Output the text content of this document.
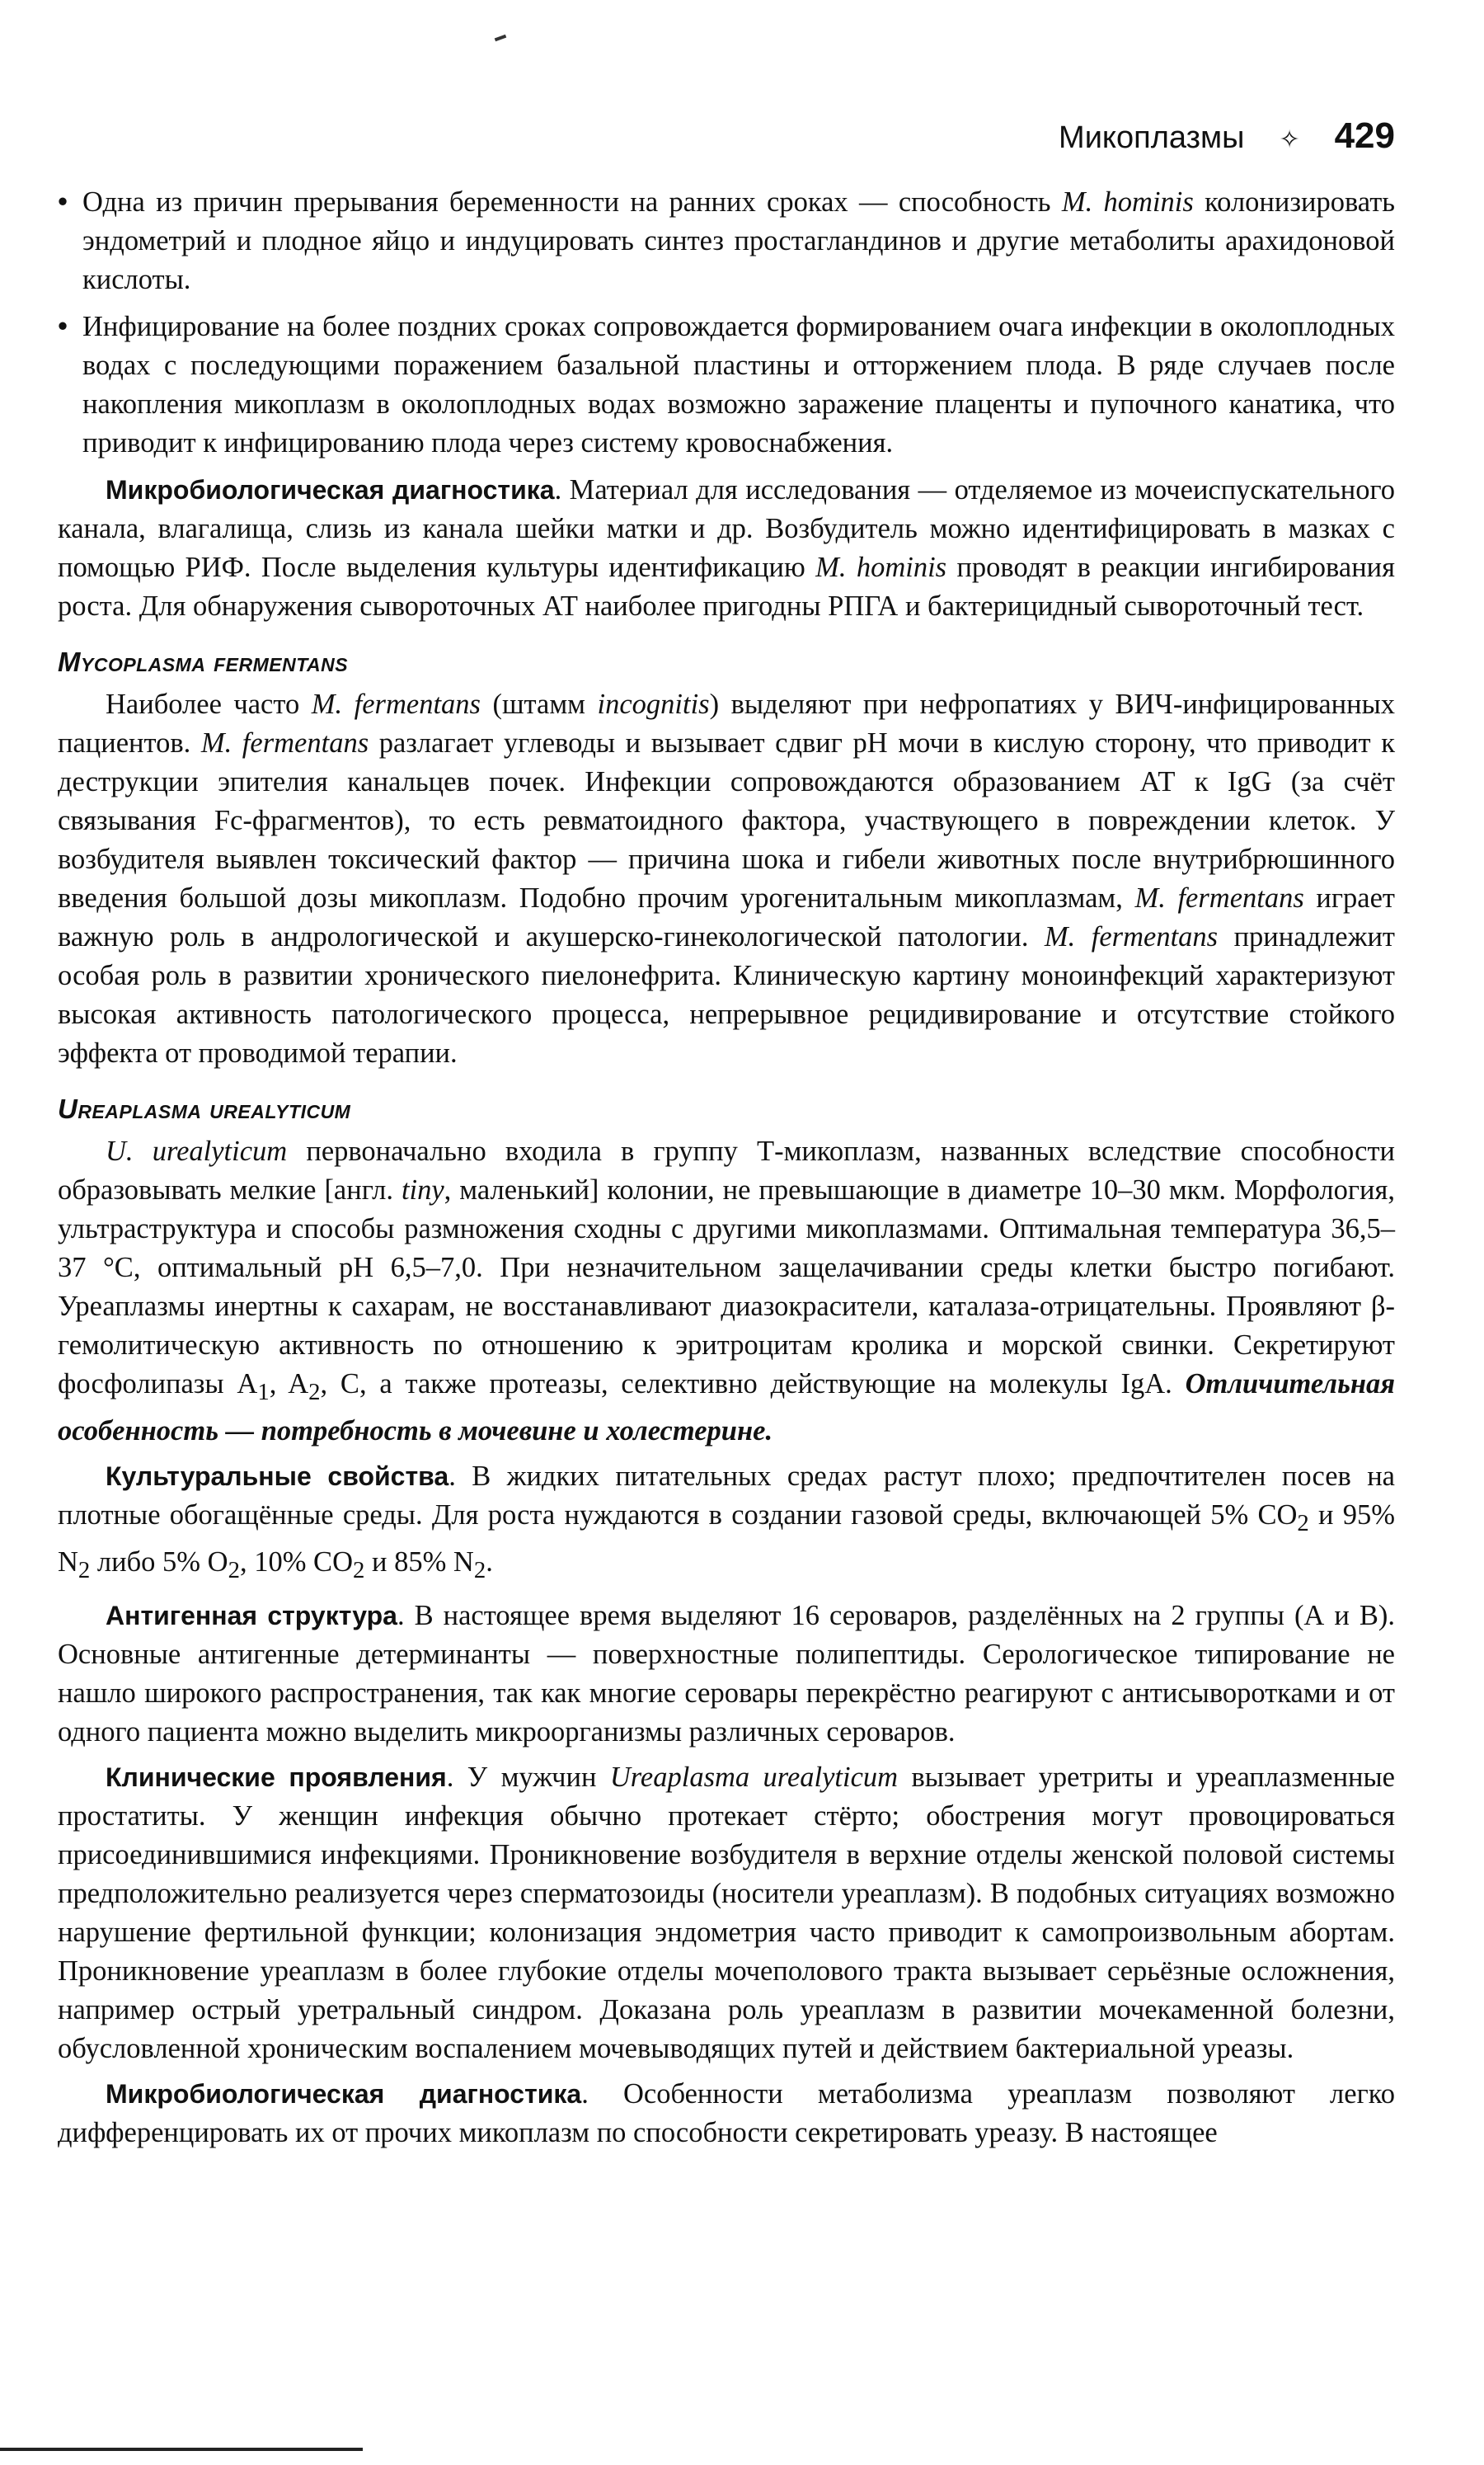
Микоплазмы ✧ 429
• Одна из причин прерывания беременности на ранних сроках — способность M. hominis колонизировать эндометрий и плодное яйцо и индуцировать синтез простагландинов и другие метаболиты арахидоновой кислоты.
• Инфицирование на более поздних сроках сопровождается формированием очага инфекции в околоплодных водах с последующими поражением базальной пластины и отторжением плода. В ряде случаев после накопления микоплазм в околоплодных водах возможно заражение плаценты и пупочного канатика, что приводит к инфицированию плода через систему кровоснабжения.

Микробиологическая диагностика. Материал для исследования — отделяемое из мочеиспускательного канала, влагалища, слизь из канала шейки матки и др. Возбудитель можно идентифицировать в мазках с помощью РИФ. После выделения культуры идентификацию M. hominis проводят в реакции ингибирования роста. Для обнаружения сывороточных АТ наиболее пригодны РПГА и бактерицидный сывороточный тест.

Mycoplasma fermentans

Наиболее часто M. fermentans (штамм incognitis) выделяют при нефропатиях у ВИЧ-инфицированных пациентов. M. fermentans разлагает углеводы и вызывает сдвиг pH мочи в кислую сторону, что приводит к деструкции эпителия канальцев почек. Инфекции сопровождаются образованием АТ к IgG (за счёт связывания Fc-фрагментов), то есть ревматоидного фактора, участвующего в повреждении клеток. У возбудителя выявлен токсический фактор — причина шока и гибели животных после внутрибрюшинного введения большой дозы микоплазм. Подобно прочим урогенитальным микоплазмам, M. fermentans играет важную роль в андрологической и акушерско-гинекологической патологии. M. fermentans принадлежит особая роль в развитии хронического пиелонефрита. Клиническую картину моноинфекций характеризуют высокая активность патологического процесса, непрерывное рецидивирование и отсутствие стойкого эффекта от проводимой терапии.

Ureaplasma urealyticum

U. urealyticum первоначально входила в группу Т-микоплазм, названных вследствие способности образовывать мелкие [англ. tiny, маленький] колонии, не превышающие в диаметре 10–30 мкм. Морфология, ультраструктура и способы размножения сходны с другими микоплазмами. Оптимальная температура 36,5–37 °С, оптимальный pH 6,5–7,0. При незначительном защелачивании среды клетки быстро погибают. Уреаплазмы инертны к сахарам, не восстанавливают диазокрасители, каталаза-отрицательны. Проявляют β-гемолитическую активность по отношению к эритроцитам кролика и морской свинки. Секретируют фосфолипазы $A_1$, $A_2$, С, а также протеазы, селективно действующие на молекулы IgA. Отличительная особенность — потребность в мочевине и холестерине.

Культуральные свойства. В жидких питательных средах растут плохо; предпочтителен посев на плотные обогащённые среды. Для роста нуждаются в создании газовой среды, включающей 5% $CO_2$ и 95% $N_2$ либо 5% $O_2$, 10% $CO_2$ и 85% $N_2$.

Антигенная структура. В настоящее время выделяют 16 сероваров, разделённых на 2 группы (А и В). Основные антигенные детерминанты — поверхностные полипептиды. Серологическое типирование не нашло широкого распространения, так как многие серовары перекрёстно реагируют с антисыворотками и от одного пациента можно выделить микроорганизмы различных сероваров.

Клинические проявления. У мужчин Ureaplasma urealyticum вызывает уретриты и уреаплазменные простатиты. У женщин инфекция обычно протекает стёрто; обострения могут провоцироваться присоединившимися инфекциями. Проникновение возбудителя в верхние отделы женской половой системы предположительно реализуется через сперматозоиды (носители уреаплазм). В подобных ситуациях возможно нарушение фертильной функции; колонизация эндометрия часто приводит к самопроизвольным абортам. Проникновение уреаплазм в более глубокие отделы мочеполового тракта вызывает серьёзные осложнения, например острый уретральный синдром. Доказана роль уреаплазм в развитии мочекаменной болезни, обусловленной хроническим воспалением мочевыводящих путей и действием бактериальной уреазы.

Микробиологическая диагностика. Особенности метаболизма уреаплазм позволяют легко дифференцировать их от прочих микоплазм по способности секретировать уреазу. В настоящее
